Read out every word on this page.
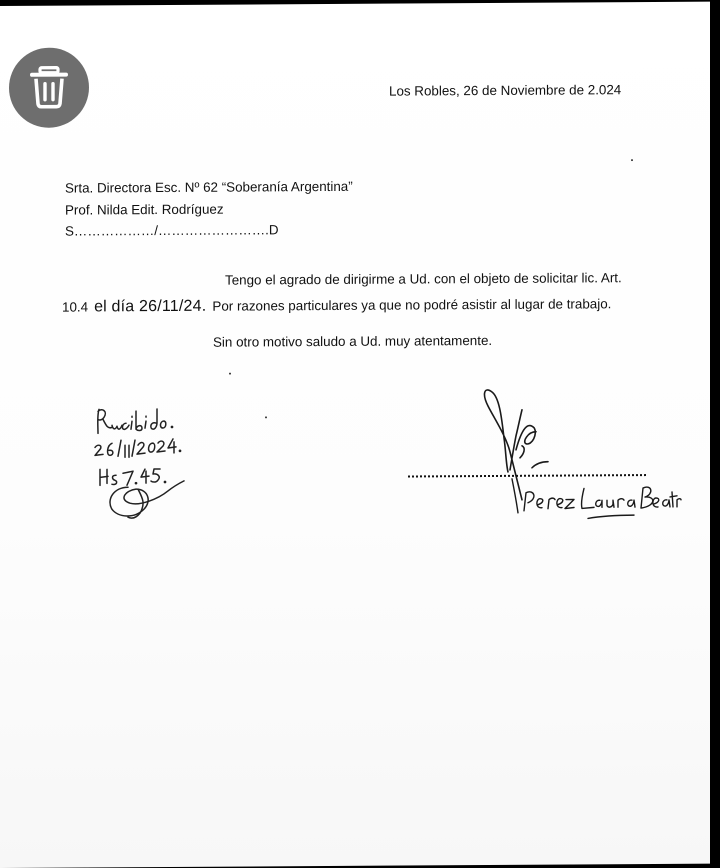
Los Robles, 26 de Noviembre de 2.024
Srta. Directora Esc. Nº 62 “Soberanía Argentina”
Prof. Nilda Edit. Rodríguez
S………………/…………………….D
Tengo el agrado de dirigirme a Ud. con el objeto de solicitar lic. Art.
10.4 el día 26/11/24. Por razones particulares ya que no podré asistir al lugar de trabajo.
Sin otro motivo saludo a Ud. muy atentamente.
